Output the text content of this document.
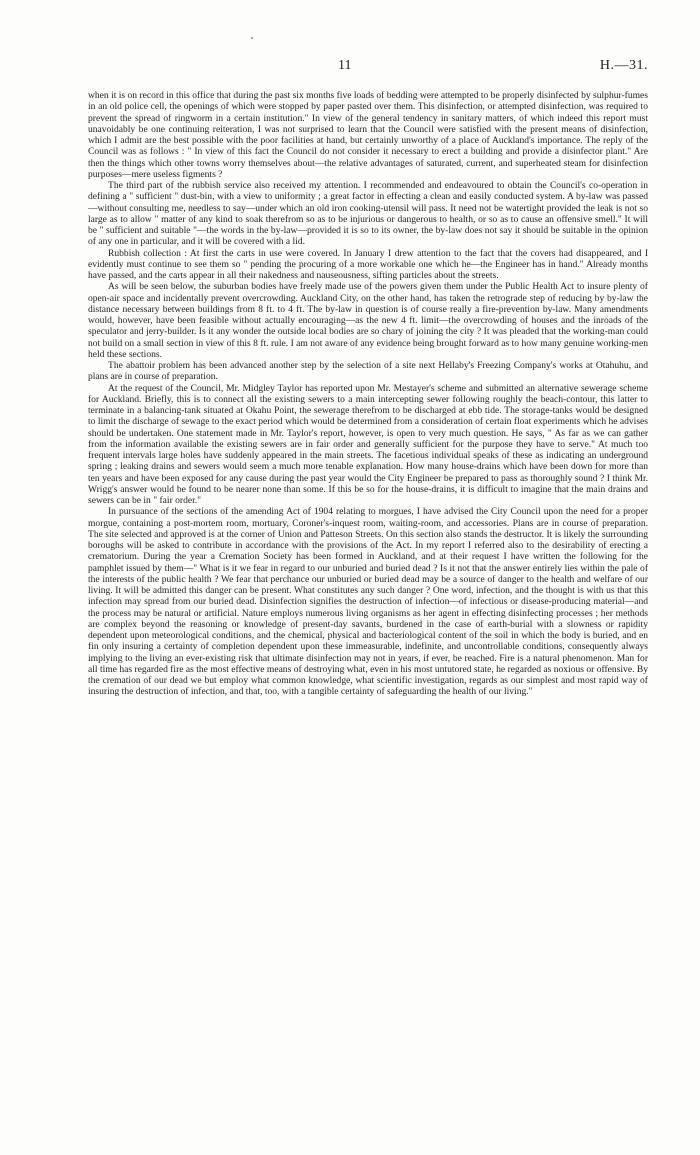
11	H.—31.

when it is on record in this office that during the past six months five loads of bedding were attempted to be properly disinfected by sulphur-fumes in an old police cell, the openings of which were stopped by paper pasted over them. This disinfection, or attempted disinfection, was required to prevent the spread of ringworm in a certain institution." In view of the general tendency in sanitary matters, of which indeed this report must unavoidably be one continuing reiteration, I was not surprised to learn that the Council were satisfied with the present means of disinfection, which I admit are the best possible with the poor facilities at hand, but certainly unworthy of a place of Auckland's importance. The reply of the Council was as follows : " In view of this fact the Council do not consider it necessary to erect a building and provide a disinfector plant." Are then the things which other towns worry themselves about—the relative advantages of saturated, current, and superheated steam for disinfection purposes—mere useless figments ?

The third part of the rubbish service also received my attention. I recommended and endeavoured to obtain the Council's co-operation in defining a " sufficient " dust-bin, with a view to uniformity ; a great factor in effecting a clean and easily conducted system. A by-law was passed—without consulting me, needless to say—under which an old iron cooking-utensil will pass. It need not be watertight provided the leak is not so large as to allow " matter of any kind to soak therefrom so as to be injurious or dangerous to health, or so as to cause an offensive smell." It will be " sufficient and suitable "—the words in the by-law—provided it is so to its owner, the by-law does not say it should be suitable in the opinion of any one in particular, and it will be covered with a lid.

Rubbish collection : At first the carts in use were covered. In January I drew attention to the fact that the covers had disappeared, and I evidently must continue to see them so " pending the procuring of a more workable one which he—the Engineer has in hand." Already months have passed, and the carts appear in all their nakedness and nauseousness, sifting particles about the streets.

As will be seen below, the suburban bodies have freely made use of the powers given them under the Public Health Act to insure plenty of open-air space and incidentally prevent overcrowding. Auckland City, on the other hand, has taken the retrograde step of reducing by by-law the distance necessary between buildings from 8 ft. to 4 ft. The by-law in question is of course really a fire-prevention by-law. Many amendments would, however, have been feasible without actually encouraging—as the new 4 ft. limit—the overcrowding of houses and the inroads of the speculator and jerry-builder. Is it any wonder the outside local bodies are so chary of joining the city ? It was pleaded that the working-man could not build on a small section in view of this 8 ft. rule. I am not aware of any evidence being brought forward as to how many genuine working-men held these sections.

The abattoir problem has been advanced another step by the selection of a site next Hellaby's Freezing Company's works at Otahuhu, and plans are in course of preparation.

At the request of the Council, Mr. Midgley Taylor has reported upon Mr. Mestayer's scheme and submitted an alternative sewerage scheme for Auckland. Briefly, this is to connect all the existing sewers to a main intercepting sewer following roughly the beach-contour, this latter to terminate in a balancing-tank situated at Okahu Point, the sewerage therefrom to be discharged at ebb tide. The storage-tanks would be designed to limit the discharge of sewage to the exact period which would be determined from a consideration of certain float experiments which he advises should be undertaken. One statement made in Mr. Taylor's report, however, is open to very much question. He says, " As far as we can gather from the information available the existing sewers are in fair order and generally sufficient for the purpose they have to serve." At much too frequent intervals large holes have suddenly appeared in the main streets. The facetious individual speaks of these as indicating an underground spring ; leaking drains and sewers would seem a much more tenable explanation. How many house-drains which have been down for more than ten years and have been exposed for any cause during the past year would the City Engineer be prepared to pass as thoroughly sound ? I think Mr. Wrigg's answer would be found to be nearer none than some. If this be so for the house-drains, it is difficult to imagine that the main drains and sewers can be in " fair order."

In pursuance of the sections of the amending Act of 1904 relating to morgues, I have advised the City Council upon the need for a proper morgue, containing a post-mortem room, mortuary, Coroner's-inquest room, waiting-room, and accessories. Plans are in course of preparation. The site selected and approved is at the corner of Union and Patteson Streets. On this section also stands the destructor. It is likely the surrounding boroughs will be asked to contribute in accordance with the provisions of the Act. In my report I referred also to the desirability of erecting a crematorium. During the year a Cremation Society has been formed in Auckland, and at their request I have written the following for the pamphlet issued by them—" What is it we fear in regard to our unburied and buried dead ? Is it not that the answer entirely lies within the pale of the interests of the public health ? We fear that perchance our unburied or buried dead may be a source of danger to the health and welfare of our living. It will be admitted this danger can be present. What constitutes any such danger ? One word, infection, and the thought is with us that this infection may spread from our buried dead. Disinfection signifies the destruction of infection—of infectious or disease-producing material—and the process may be natural or artificial. Nature employs numerous living organisms as her agent in effecting disinfecting processes ; her methods are complex beyond the reasoning or knowledge of present-day savants, burdened in the case of earth-burial with a slowness or rapidity dependent upon meteorological conditions, and the chemical, physical and bacteriological content of the soil in which the body is buried, and en fin only insuring a certainty of completion dependent upon these immeasurable, indefinite, and uncontrollable conditions, consequently always implying to the living an ever-existing risk that ultimate disinfection may not in years, if ever, be reached. Fire is a natural phenomenon. Man for all time has regarded fire as the most effective means of destroying what, even in his most untutored state, he regarded as noxious or offensive. By the cremation of our dead we but employ what common knowledge, what scientific investigation, regards as our simplest and most rapid way of insuring the destruction of infection, and that, too, with a tangible certainty of safeguarding the health of our living."
